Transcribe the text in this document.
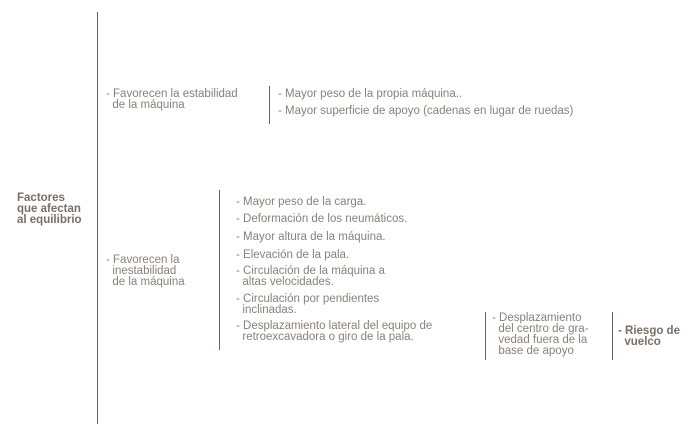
Factores
que afectan
al equilibrio
- Favorecen la estabilidad
de la máquina
- Mayor peso de la propia máquina..
- Mayor superficie de apoyo (cadenas en lugar de ruedas)
- Favorecen la
inestabilidad
de la máquina
- Mayor peso de la carga.
- Deformación de los neumáticos.
- Mayor altura de la máquina.
- Elevación de la pala.
- Circulación de la máquina a
altas velocidades.
- Circulación por pendientes
inclinadas.
- Desplazamiento lateral del equipo de
retroexcavadora o giro de la pala.
- Desplazamiento
del centro de gra-
vedad fuera de la
base de apoyo
- Riesgo de
vuelco
